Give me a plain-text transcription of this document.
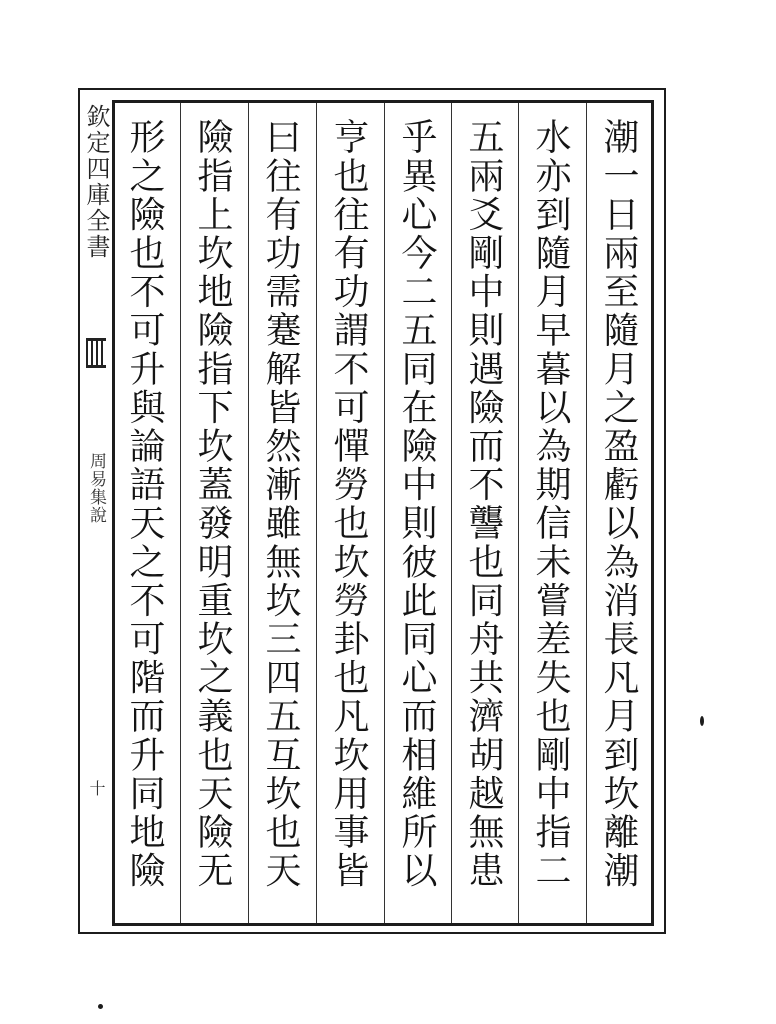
欽定四庫全書
周易集說
十	潮一日兩至隨月之盈虧以為消長凡月到坎離潮
水亦到隨月早暮以為期信未嘗差失也剛中指二
五兩爻剛中則遇險而不讋也同舟共濟胡越無患
乎異心今二五同在險中則彼此同心而相維所以
亨也往有功謂不可憚勞也坎勞卦也凡坎用事皆
曰往有功需蹇解皆然漸雖無坎三四五互坎也天
險指上坎地險指下坎蓋發明重坎之義也天險无
形之險也不可升與論語天之不可階而升同地險
